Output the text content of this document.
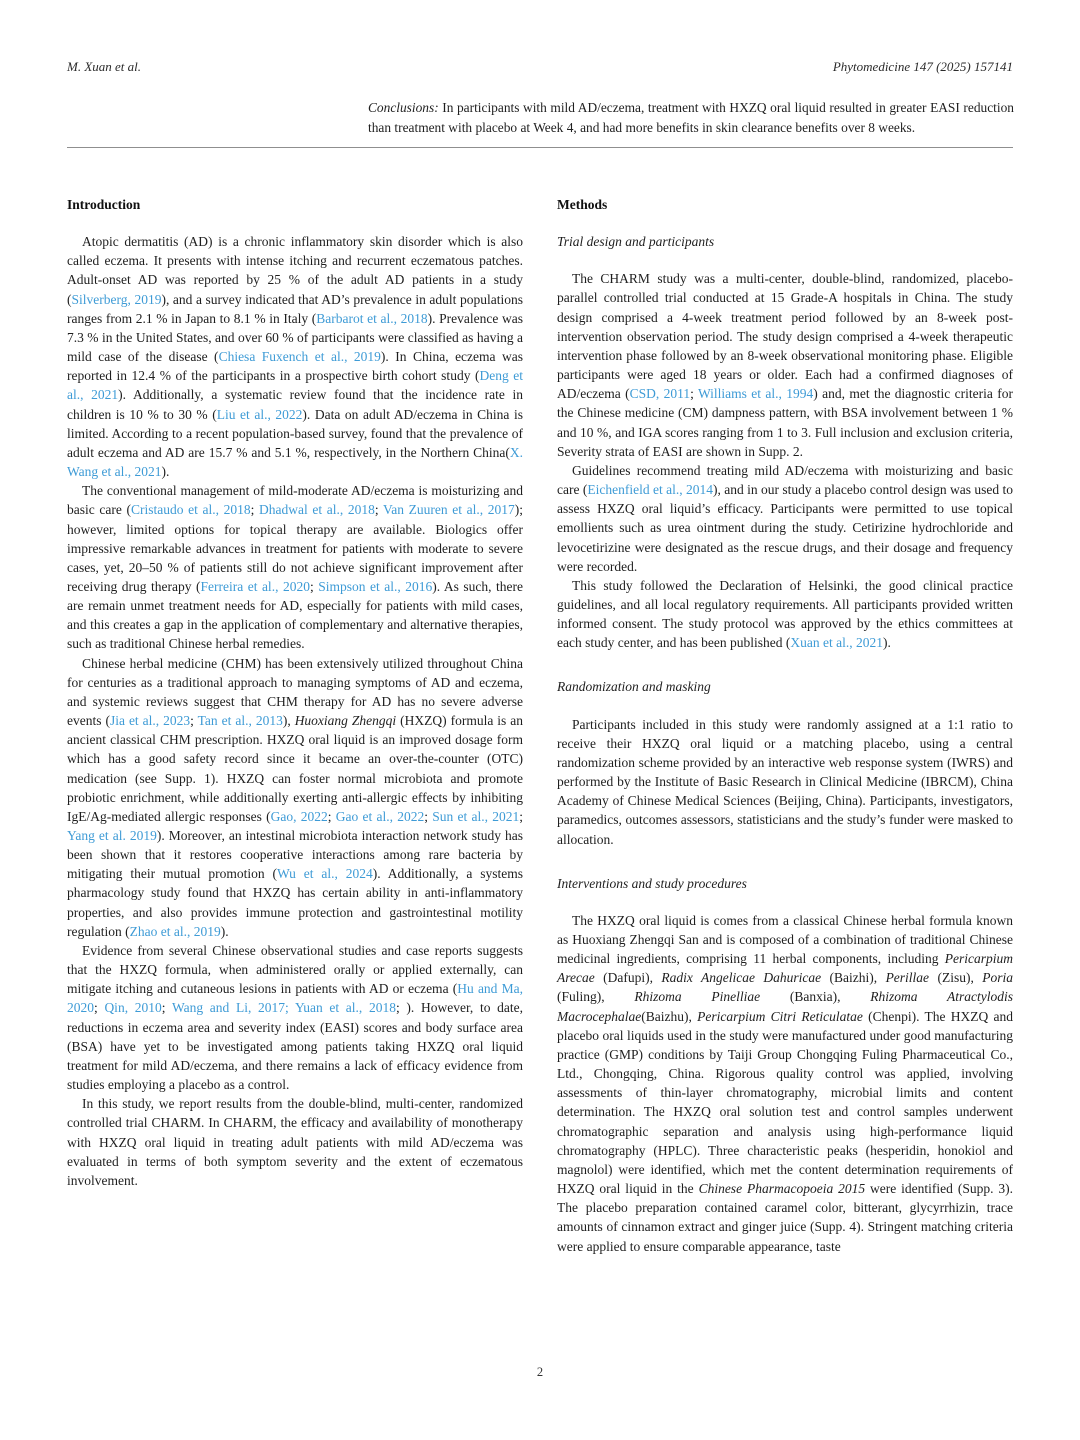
M. Xuan et al.	Phytomedicine 147 (2025) 157141
Conclusions: In participants with mild AD/eczema, treatment with HXZQ oral liquid resulted in greater EASI reduction than treatment with placebo at Week 4, and had more benefits in skin clearance benefits over 8 weeks.
Introduction

Atopic dermatitis (AD) is a chronic inflammatory skin disorder which is also called eczema. It presents with intense itching and recurrent eczematous patches. Adult-onset AD was reported by 25 % of the adult AD patients in a study (Silverberg, 2019), and a survey indicated that AD’s prevalence in adult populations ranges from 2.1 % in Japan to 8.1 % in Italy (Barbarot et al., 2018). Prevalence was 7.3 % in the United States, and over 60 % of participants were classified as having a mild case of the disease (Chiesa Fuxench et al., 2019). In China, eczema was reported in 12.4 % of the participants in a prospective birth cohort study (Deng et al., 2021). Additionally, a systematic review found that the incidence rate in children is 10 % to 30 % (Liu et al., 2022). Data on adult AD/eczema in China is limited. According to a recent population-based survey, found that the prevalence of adult eczema and AD are 15.7 % and 5.1 %, respectively, in the Northern China(X. Wang et al., 2021).

The conventional management of mild-moderate AD/eczema is moisturizing and basic care (Cristaudo et al., 2018; Dhadwal et al., 2018; Van Zuuren et al., 2017); however, limited options for topical therapy are available. Biologics offer impressive remarkable advances in treatment for patients with moderate to severe cases, yet, 20–50 % of patients still do not achieve significant improvement after receiving drug therapy (Ferreira et al., 2020; Simpson et al., 2016). As such, there are remain unmet treatment needs for AD, especially for patients with mild cases, and this creates a gap in the application of complementary and alternative therapies, such as traditional Chinese herbal remedies.

Chinese herbal medicine (CHM) has been extensively utilized throughout China for centuries as a traditional approach to managing symptoms of AD and eczema, and systemic reviews suggest that CHM therapy for AD has no severe adverse events (Jia et al., 2023; Tan et al., 2013), Huoxiang Zhengqi (HXZQ) formula is an ancient classical CHM prescription. HXZQ oral liquid is an improved dosage form which has a good safety record since it became an over-the-counter (OTC) medication (see Supp. 1). HXZQ can foster normal microbiota and promote probiotic enrichment, while additionally exerting anti-allergic effects by inhibiting IgE/Ag-mediated allergic responses (Gao, 2022; Gao et al., 2022; Sun et al., 2021; Yang et al. 2019). Moreover, an intestinal microbiota interaction network study has been shown that it restores cooperative interactions among rare bacteria by mitigating their mutual promotion (Wu et al., 2024). Additionally, a systems pharmacology study found that HXZQ has certain ability in anti-inflammatory properties, and also provides immune protection and gastrointestinal motility regulation (Zhao et al., 2019).

Evidence from several Chinese observational studies and case reports suggests that the HXZQ formula, when administered orally or applied externally, can mitigate itching and cutaneous lesions in patients with AD or eczema (Hu and Ma, 2020; Qin, 2010; Wang and Li, 2017; Yuan et al., 2018; ). However, to date, reductions in eczema area and severity index (EASI) scores and body surface area (BSA) have yet to be investigated among patients taking HXZQ oral liquid treatment for mild AD/eczema, and there remains a lack of efficacy evidence from studies employing a placebo as a control.

In this study, we report results from the double-blind, multi-center, randomized controlled trial CHARM. In CHARM, the efficacy and availability of monotherapy with HXZQ oral liquid in treating adult patients with mild AD/eczema was evaluated in terms of both symptom severity and the extent of eczematous involvement.

Methods
Trial design and participants

The CHARM study was a multi-center, double-blind, randomized, placebo-parallel controlled trial conducted at 15 Grade-A hospitals in China. The study design comprised a 4-week treatment period followed by an 8-week post-intervention observation period. The study design comprised a 4-week therapeutic intervention phase followed by an 8-week observational monitoring phase. Eligible participants were aged 18 years or older. Each had a confirmed diagnoses of AD/eczema (CSD, 2011; Williams et al., 1994) and, met the diagnostic criteria for the Chinese medicine (CM) dampness pattern, with BSA involvement between 1 % and 10 %, and IGA scores ranging from 1 to 3. Full inclusion and exclusion criteria, Severity strata of EASI are shown in Supp. 2.

Guidelines recommend treating mild AD/eczema with moisturizing and basic care (Eichenfield et al., 2014), and in our study a placebo control design was used to assess HXZQ oral liquid’s efficacy. Participants were permitted to use topical emollients such as urea ointment during the study. Cetirizine hydrochloride and levocetirizine were designated as the rescue drugs, and their dosage and frequency were recorded.

This study followed the Declaration of Helsinki, the good clinical practice guidelines, and all local regulatory requirements. All participants provided written informed consent. The study protocol was approved by the ethics committees at each study center, and has been published (Xuan et al., 2021).

Randomization and masking

Participants included in this study were randomly assigned at a 1:1 ratio to receive their HXZQ oral liquid or a matching placebo, using a central randomization scheme provided by an interactive web response system (IWRS) and performed by the Institute of Basic Research in Clinical Medicine (IBRCM), China Academy of Chinese Medical Sciences (Beijing, China). Participants, investigators, paramedics, outcomes assessors, statisticians and the study’s funder were masked to allocation.

Interventions and study procedures

The HXZQ oral liquid is comes from a classical Chinese herbal formula known as Huoxiang Zhengqi San and is composed of a combination of traditional Chinese medicinal ingredients, comprising 11 herbal components, including Pericarpium Arecae (Dafupi), Radix Angelicae Dahuricae (Baizhi), Perillae (Zisu), Poria (Fuling), Rhizoma Pinelliae (Banxia), Rhizoma Atractylodis Macrocephalae(Baizhu), Pericarpium Citri Reticulatae (Chenpi). The HXZQ and placebo oral liquids used in the study were manufactured under good manufacturing practice (GMP) conditions by Taiji Group Chongqing Fuling Pharmaceutical Co., Ltd., Chongqing, China. Rigorous quality control was applied, involving assessments of thin-layer chromatography, microbial limits and content determination. The HXZQ oral solution test and control samples underwent chromatographic separation and analysis using high-performance liquid chromatography (HPLC). Three characteristic peaks (hesperidin, honokiol and magnolol) were identified, which met the content determination requirements of HXZQ oral liquid in the Chinese Pharmacopoeia 2015 were identified (Supp. 3). The placebo preparation contained caramel color, bitterant, glycyrrhizin, trace amounts of cinnamon extract and ginger juice (Supp. 4). Stringent matching criteria were applied to ensure comparable appearance, taste

2
